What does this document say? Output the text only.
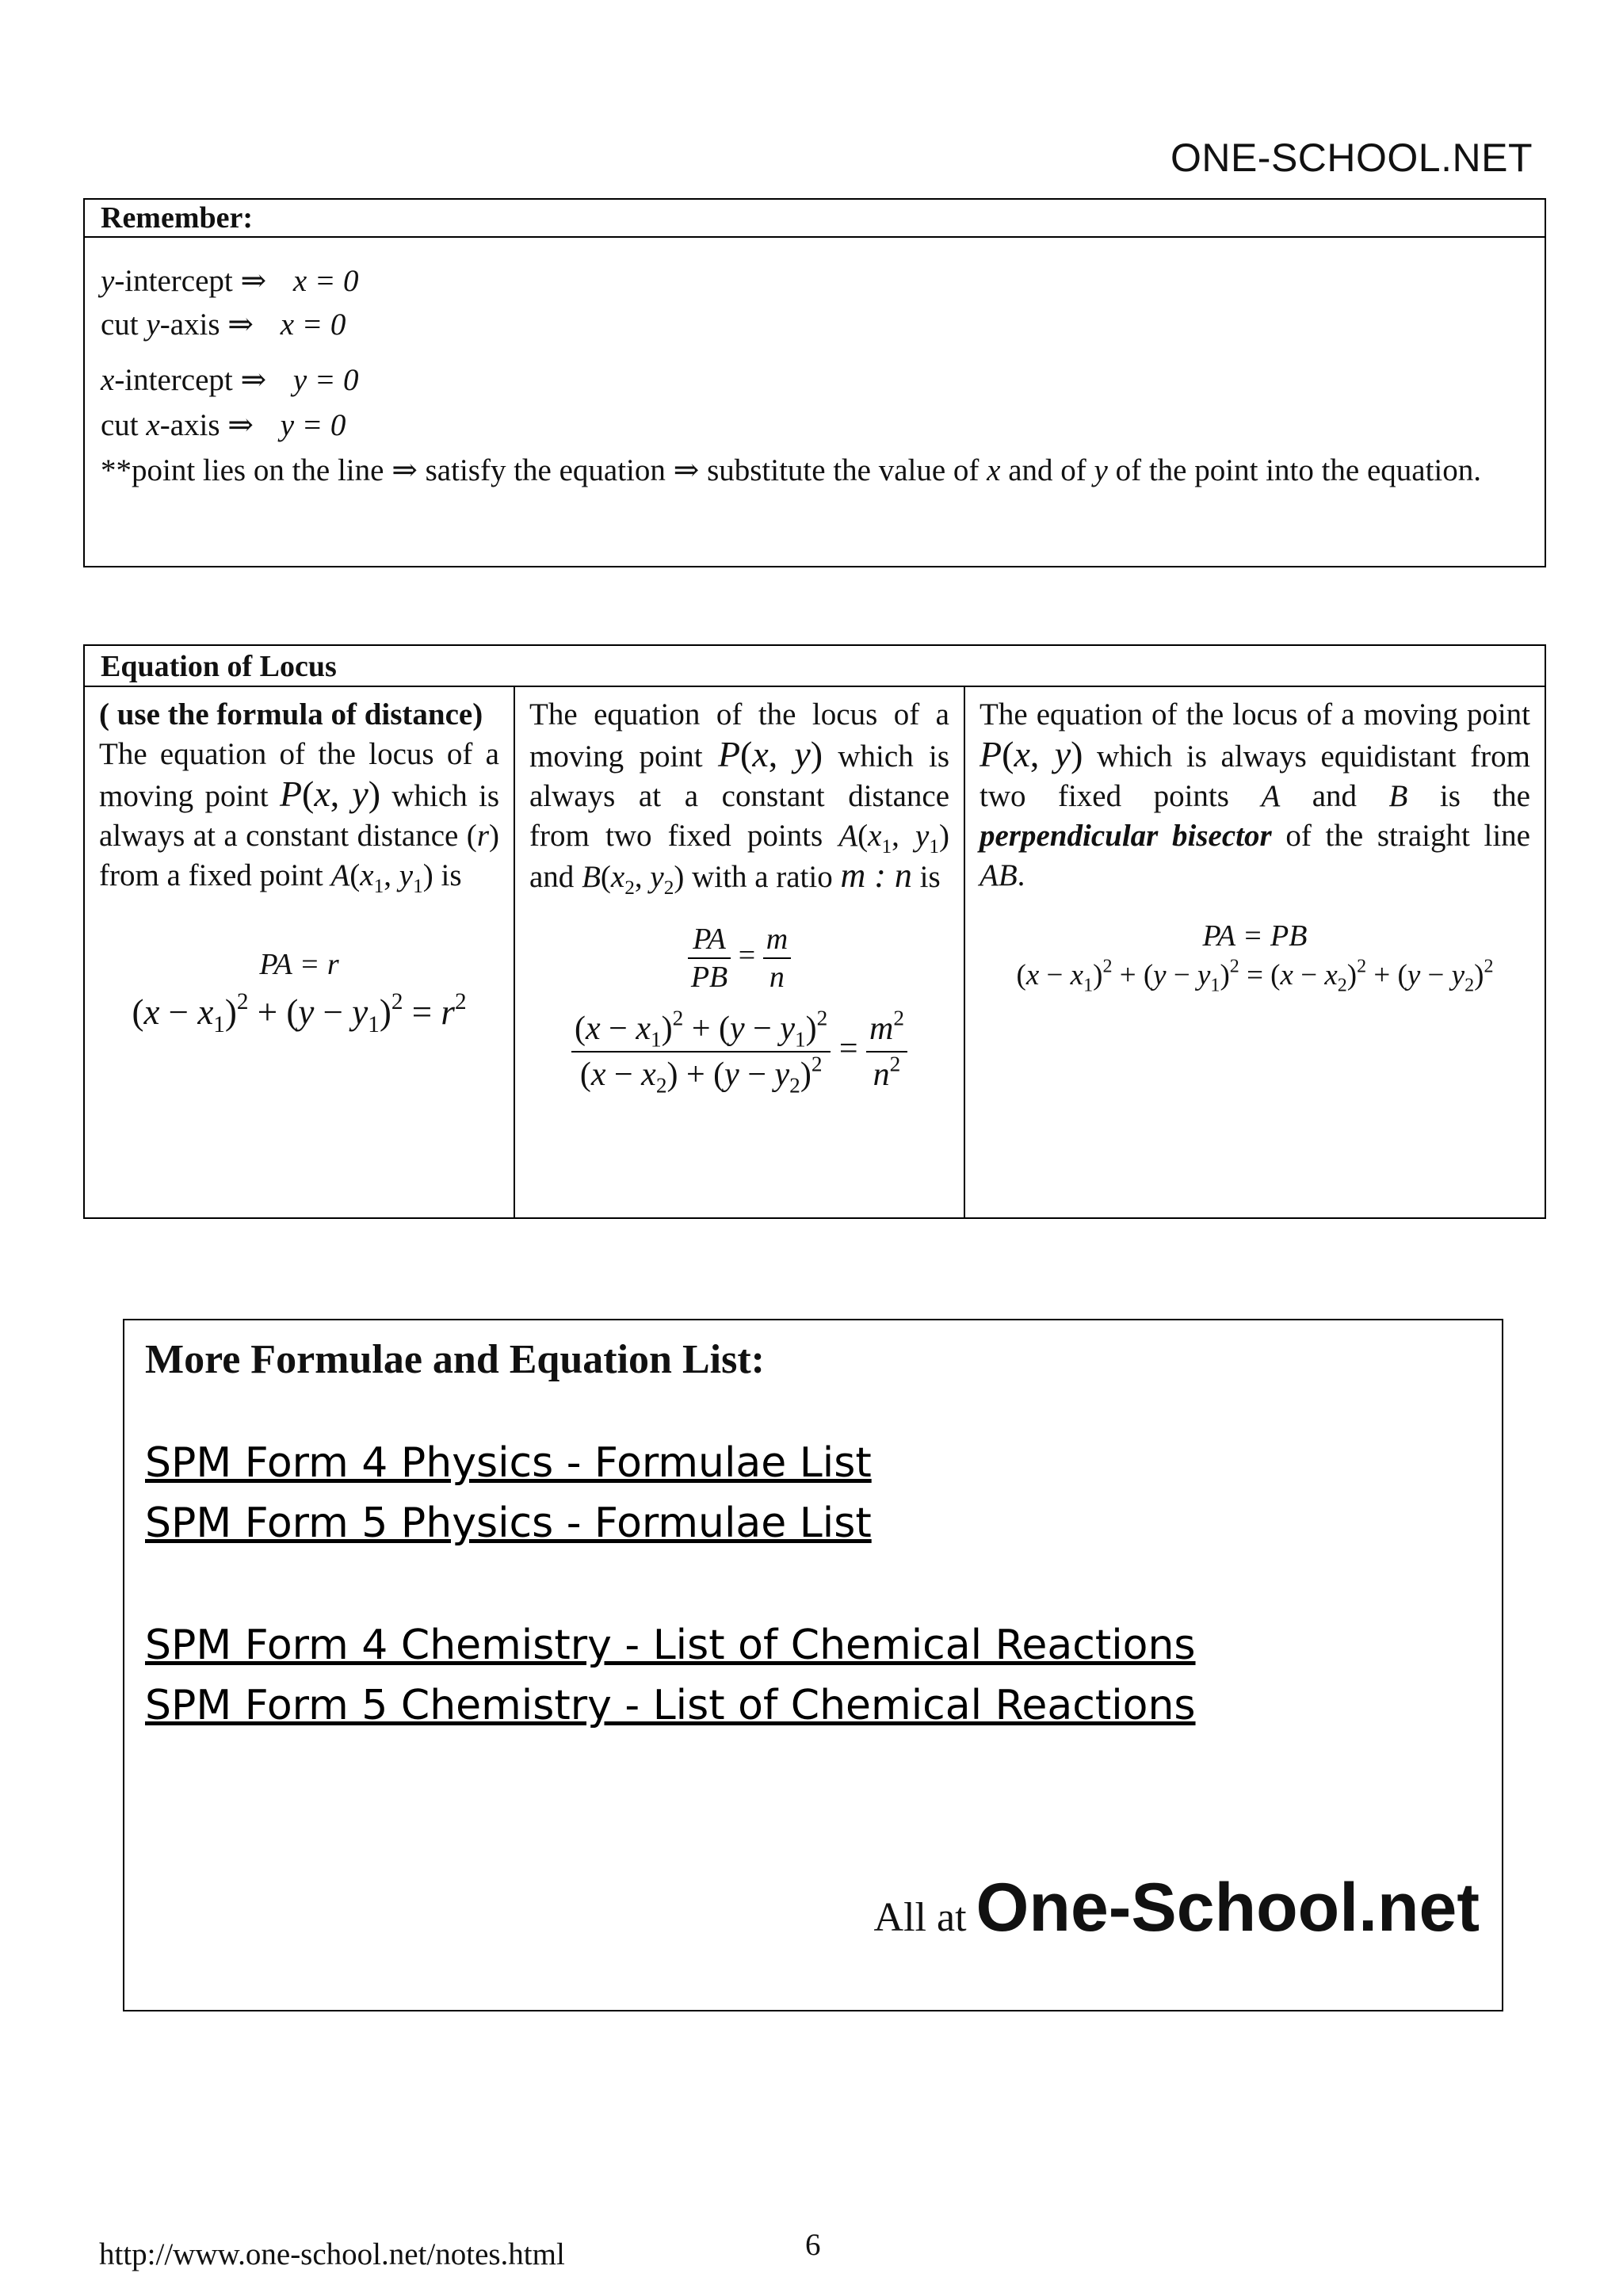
ONE-SCHOOL.NET
Remember:
y-intercept ⇒ x = 0
cut y-axis ⇒ x = 0
x-intercept ⇒ y = 0
cut x-axis ⇒ y = 0
**point lies on the line ⇒ satisfy the equation ⇒ substitute the value of x and of y of the point into the equation.
Equation of Locus
( use the formula of distance)
The equation of the locus of a moving point P(x, y) which is always at a constant distance (r) from a fixed point $A(x_1$, $y_1$) is
PA = r
$(x - x_1)^2 + (y - y_1)^2 = r^2$
The equation of the locus of a moving point P(x, y) which is always at a constant distance from two fixed points $A(x_1$, $y_1$) and $B(x_2$, $y_2$) with a ratio m : n is
$\frac{PA}{PB} = \frac{m}{n}$
$\frac{(x - x_1)^2 + (y - y_1)^2}{(x - x_2) + (y - y_2)^2} = \frac{m^2}{n^2}$
The equation of the locus of a moving point P(x, y) which is always equidistant from two fixed points A and B is the perpendicular bisector of the straight line AB.
PA = PB
$(x - x_1)^2 + (y - y_1)^2 = (x - x_2)^2 + (y - y_2)^2$
More Formulae and Equation List:
SPM Form 4 Physics - Formulae List
SPM Form 5 Physics - Formulae List
SPM Form 4 Chemistry - List of Chemical Reactions
SPM Form 5 Chemistry - List of Chemical Reactions
All at One-School.net
http://www.one-school.net/notes.html	6
